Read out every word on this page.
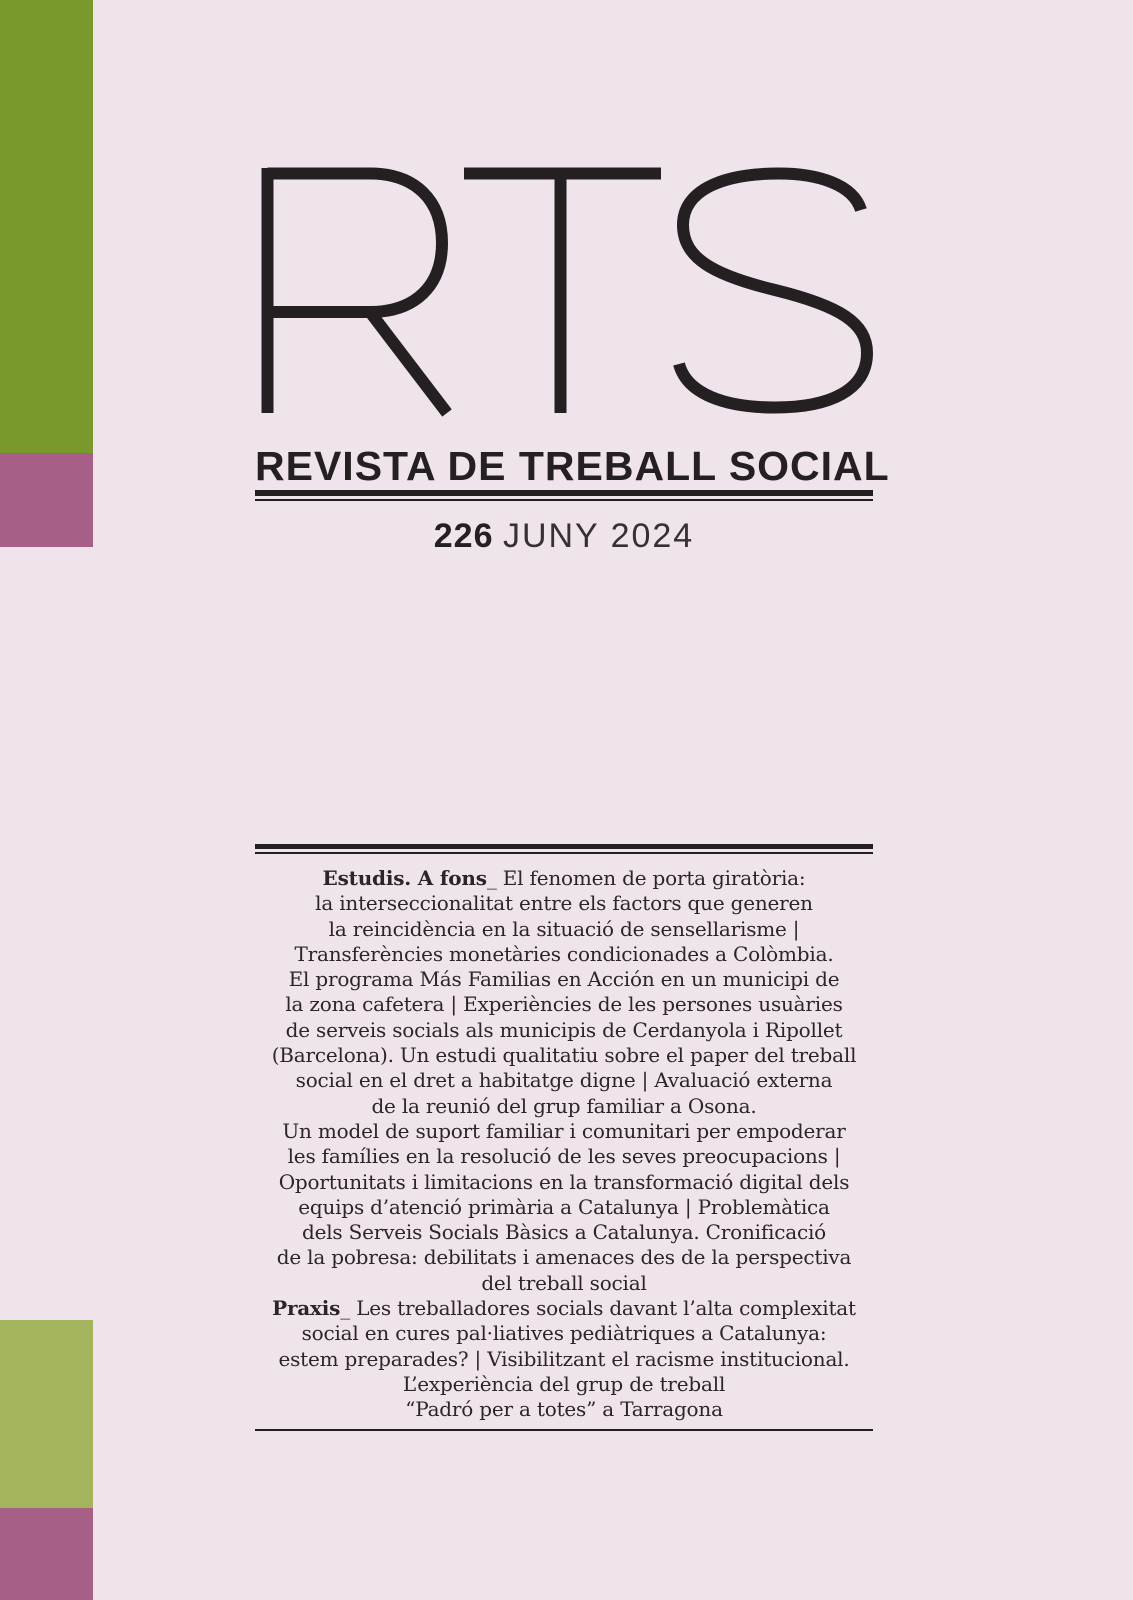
REVISTA DE TREBALL SOCIAL
226 JUNY 2024
Estudis. A fons_ El fenomen de porta giratòria:
la interseccionalitat entre els factors que generen
la reincidència en la situació de sensellarisme |
Transferències monetàries condicionades a Colòmbia.
El programa Más Familias en Acción en un municipi de
la zona cafetera | Experiències de les persones usuàries
de serveis socials als municipis de Cerdanyola i Ripollet
(Barcelona). Un estudi qualitatiu sobre el paper del treball
social en el dret a habitatge digne | Avaluació externa
de la reunió del grup familiar a Osona.
Un model de suport familiar i comunitari per empoderar
les famílies en la resolució de les seves preocupacions |
Oportunitats i limitacions en la transformació digital dels
equips d’atenció primària a Catalunya | Problemàtica
dels Serveis Socials Bàsics a Catalunya. Cronificació
de la pobresa: debilitats i amenaces des de la perspectiva
del treball social
Praxis_ Les treballadores socials davant l’alta complexitat
social en cures pal·liatives pediàtriques a Catalunya:
estem preparades? | Visibilitzant el racisme institucional.
L’experiència del grup de treball
“Padró per a totes” a Tarragona
